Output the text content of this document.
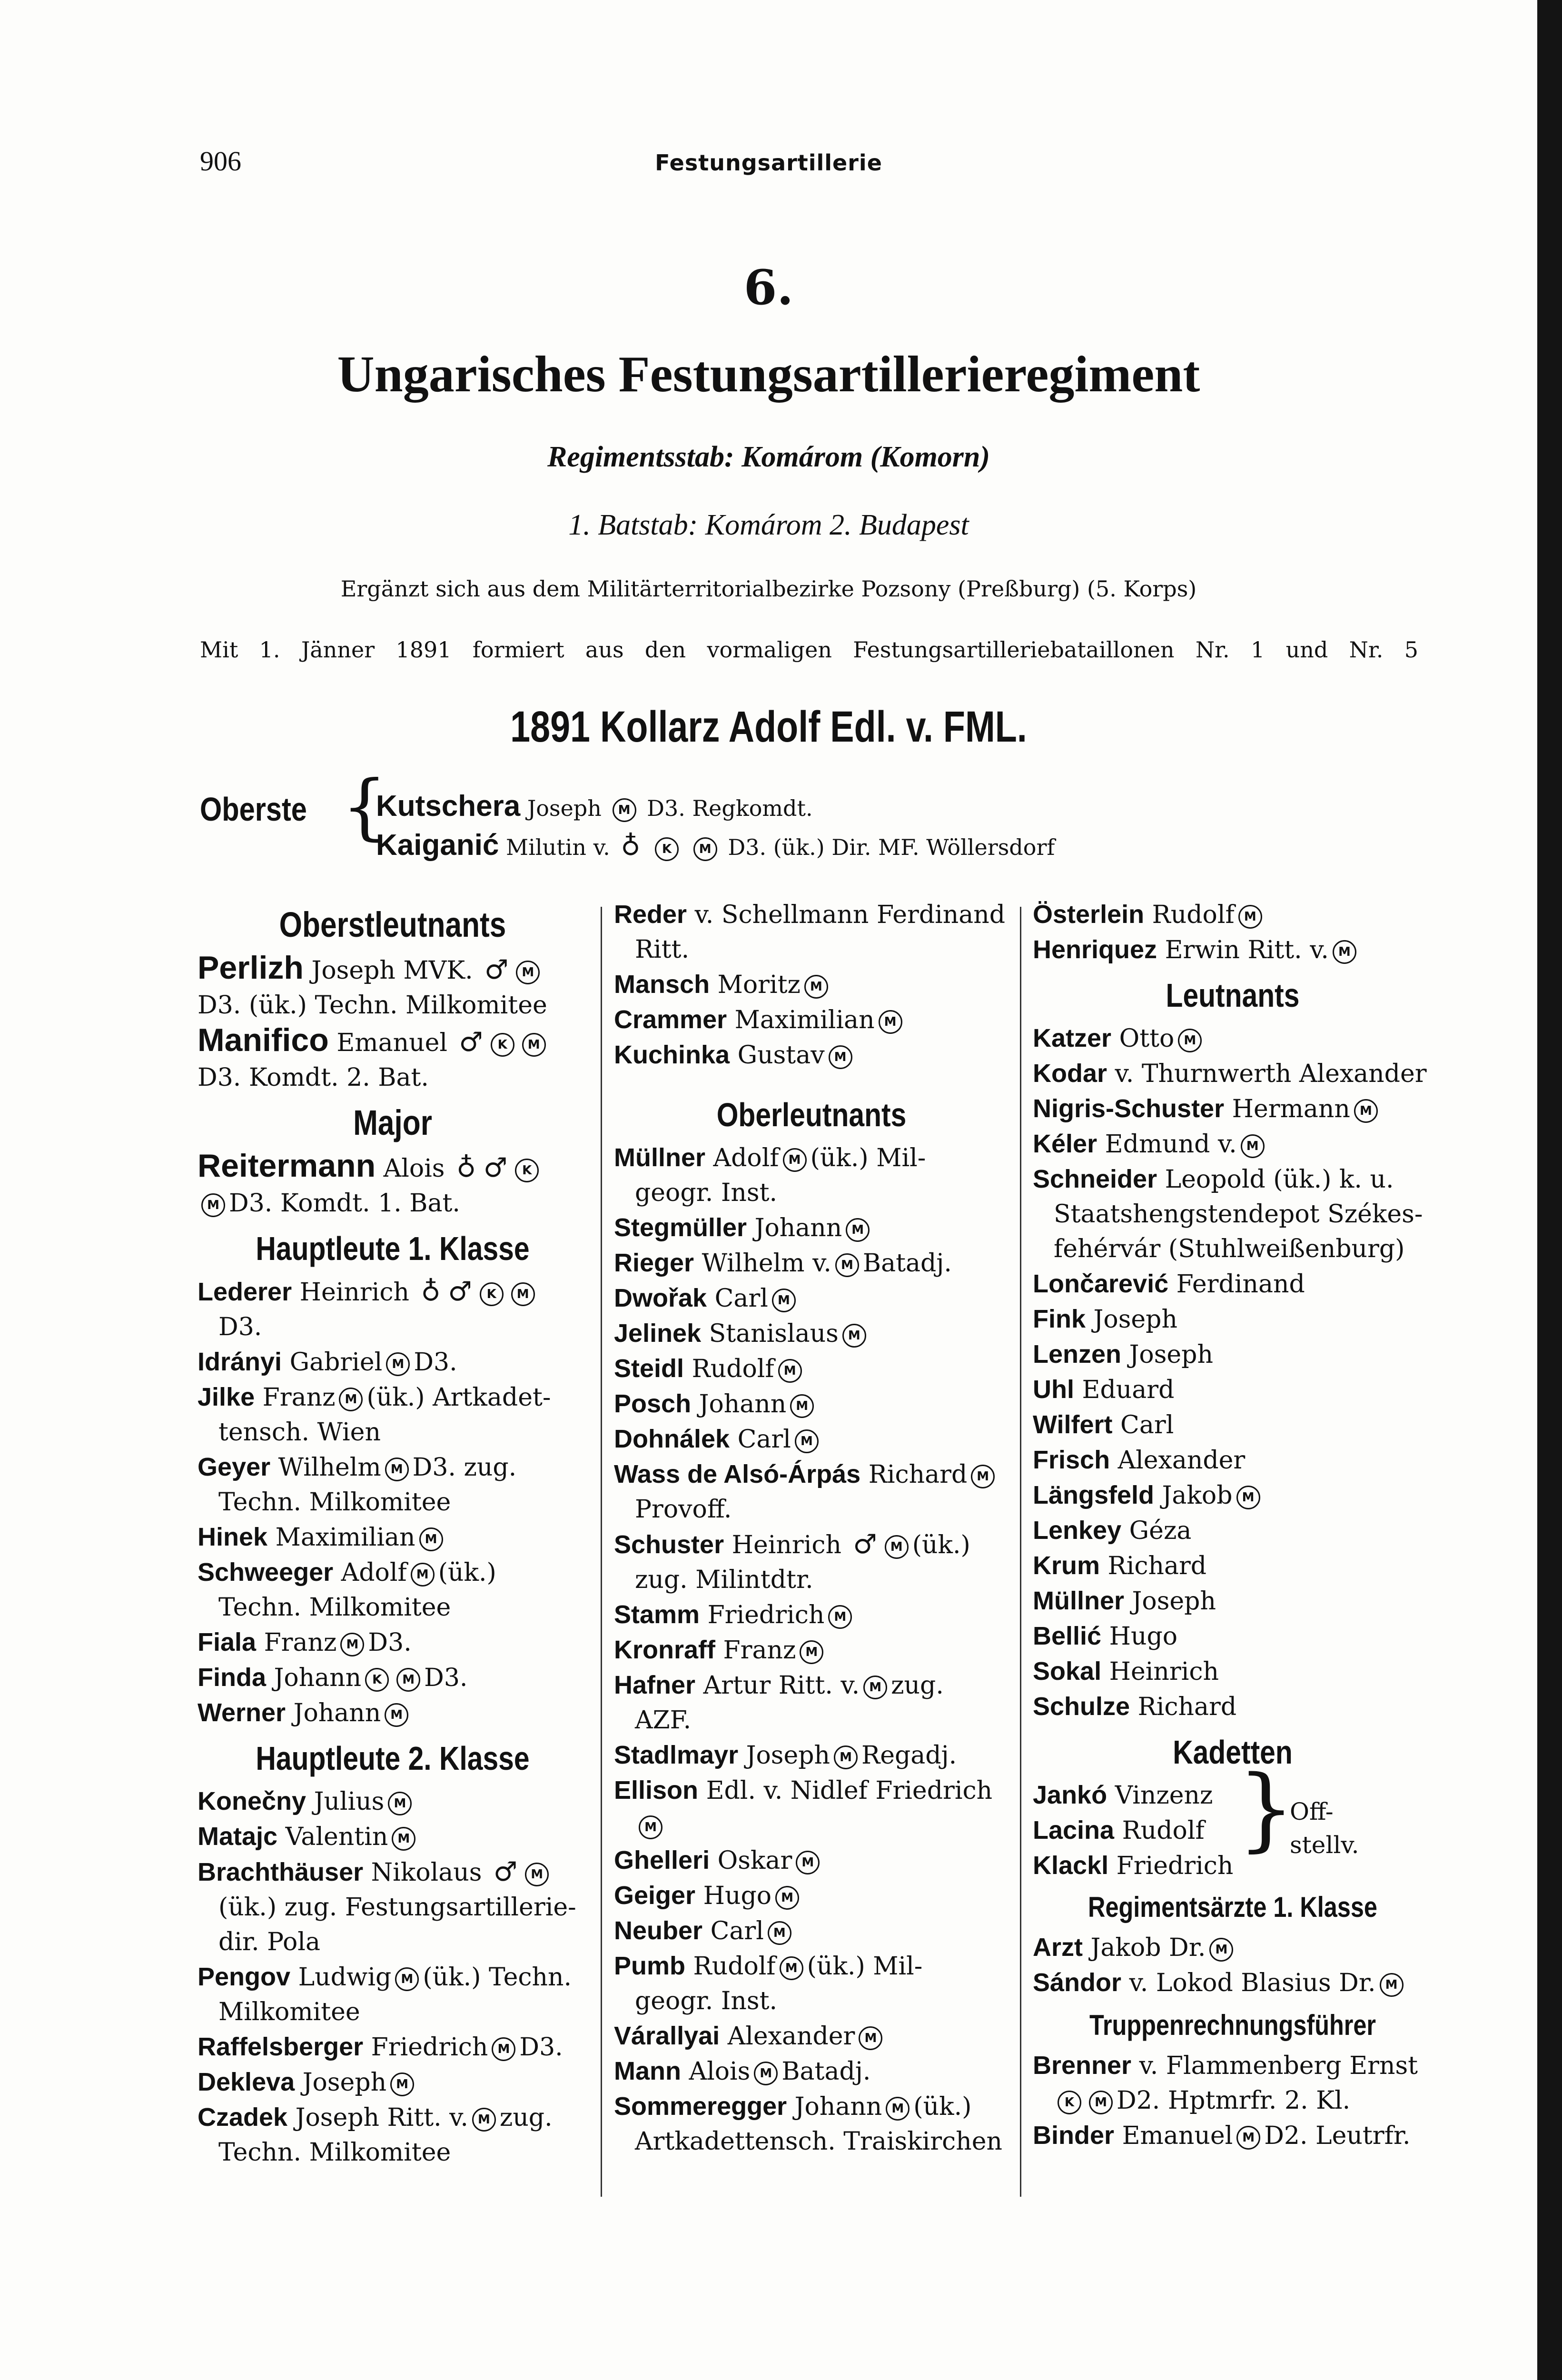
906	Festungsartillerie
6.
Ungarisches Festungsartillerieregiment
Regimentsstab: Komárom (Komorn)
1. Batstab: Komárom 2. Budapest
Ergänzt sich aus dem Militärterritorialbezirke Pozsony (Preßburg) (5. Korps)
Mit 1. Jänner 1891 formiert aus den vormaligen Festungsartilleriebataillonen Nr. 1 und Nr. 5
1891 Kollarz Adolf Edl. v. FML.
Oberste {
Kutschera Joseph M D3. Regkomdt.
Kaiganić Milutin v. ♁ K M D3. (ük.) Dir. MF. Wöllersdorf
Oberstleutnants
Perlizh Joseph MVK. ♂ M
D3. (ük.) Techn. Milkomitee
Manifico Emanuel ♂ K M
D3. Komdt. 2. Bat.
Major
Reitermann Alois ♁ ♂ K
M D3. Komdt. 1. Bat.
Hauptleute 1. Klasse
Lederer Heinrich ♁ ♂ K M
D3.
Idrányi Gabriel M D3.
Jilke Franz M (ük.) Artkadet-
tensch. Wien
Geyer Wilhelm M D3. zug.
Techn. Milkomitee
Hinek Maximilian M
Schweeger Adolf M (ük.)
Techn. Milkomitee
Fiala Franz M D3.
Finda Johann K M D3.
Werner Johann M
Hauptleute 2. Klasse
Konečny Julius M
Matajc Valentin M
Brachthäuser Nikolaus ♂ M
(ük.) zug. Festungsartillerie-
dir. Pola
Pengov Ludwig M (ük.) Techn.
Milkomitee
Raffelsberger Friedrich M D3.
Dekleva Joseph M
Czadek Joseph Ritt. v. M zug.
Techn. Milkomitee
Reder v. Schellmann Ferdinand
Ritt.
Mansch Moritz M
Crammer Maximilian M
Kuchinka Gustav M
Oberleutnants
Müllner Adolf M (ük.) Mil-
geogr. Inst.
Stegmüller Johann M
Rieger Wilhelm v. M Batadj.
Dwořak Carl M
Jelinek Stanislaus M
Steidl Rudolf M
Posch Johann M
Dohnálek Carl M
Wass de Alsó-Árpás Richard M
Provoff.
Schuster Heinrich ♂ M (ük.)
zug. Milintdtr.
Stamm Friedrich M
Kronraff Franz M
Hafner Artur Ritt. v. M zug.
AZF.
Stadlmayr Joseph M Regadj.
Ellison Edl. v. Nidlef Friedrich
M
Ghelleri Oskar M
Geiger Hugo M
Neuber Carl M
Pumb Rudolf M (ük.) Mil-
geogr. Inst.
Várallyai Alexander M
Mann Alois M Batadj.
Sommeregger Johann M (ük.)
Artkadettensch. Traiskirchen
Österlein Rudolf M
Henriquez Erwin Ritt. v. M
Leutnants
Katzer Otto M
Kodar v. Thurnwerth Alexander
Nigris-Schuster Hermann M
Kéler Edmund v. M
Schneider Leopold (ük.) k. u.
Staatshengstendepot Székes-
fehérvár (Stuhlweißenburg)
Lončarević Ferdinand
Fink Joseph
Lenzen Joseph
Uhl Eduard
Wilfert Carl
Frisch Alexander
Längsfeld Jakob M
Lenkey Géza
Krum Richard
Müllner Joseph
Bellić Hugo
Sokal Heinrich
Schulze Richard
Kadetten
Jankó Vinzenz
Lacina Rudolf
Klackl Friedrich
}
Off-
stellv.
Regimentsärzte 1. Klasse
Arzt Jakob Dr. M
Sándor v. Lokod Blasius Dr. M
Truppenrechnungsführer
Brenner v. Flammenberg Ernst
K M D2. Hptmrfr. 2. Kl.
Binder Emanuel M D2. Leutrfr.
